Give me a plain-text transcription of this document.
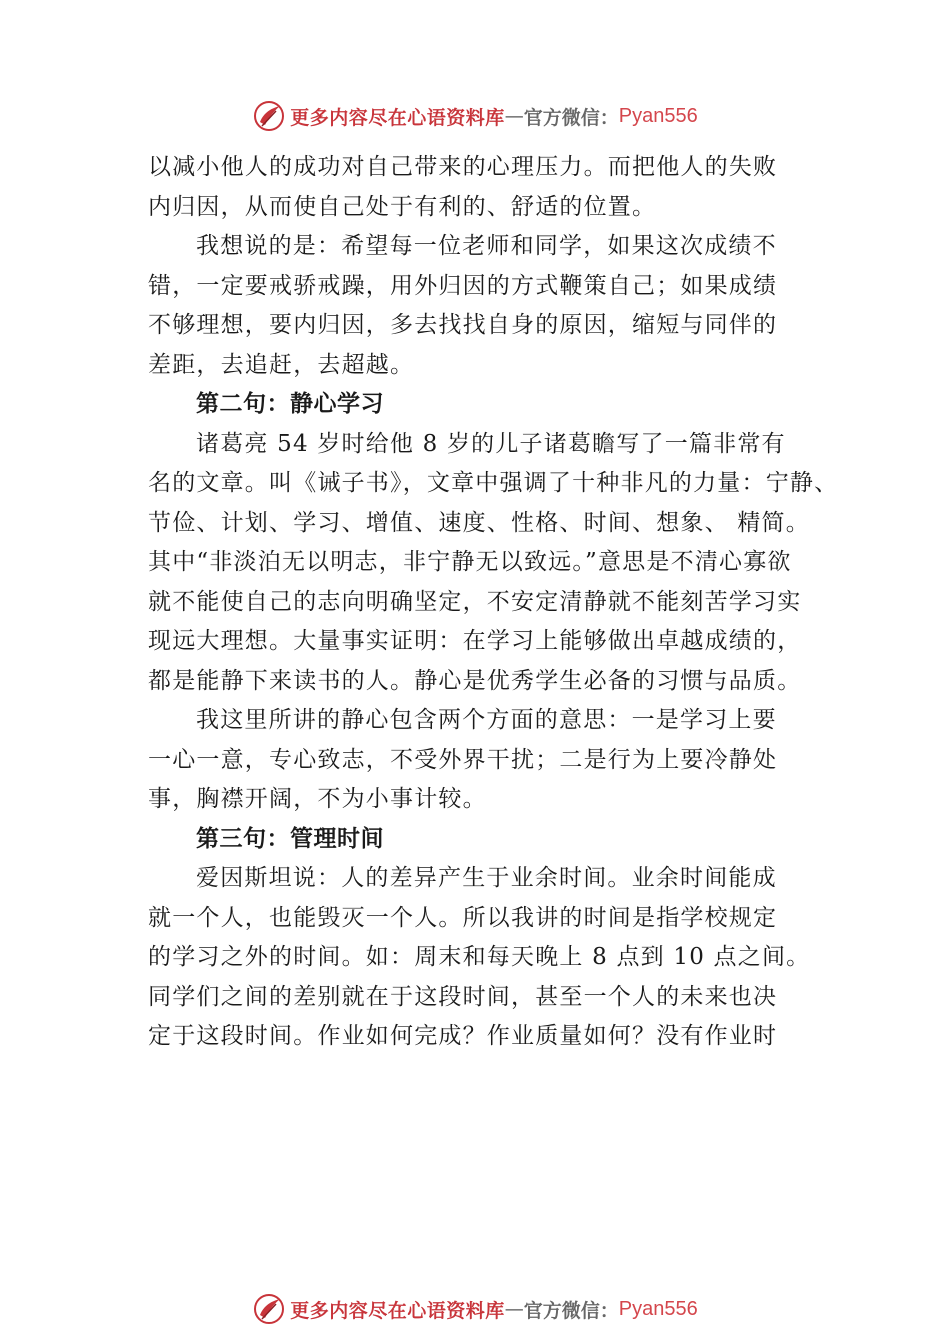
更多内容尽在心语资料库 — 官方微信： Pyan556
以减小他人的成功对自己带来的心理压力。而把他人的失败
内归因，从而使自己处于有利的、舒适的位置。
我想说的是：希望每一位老师和同学，如果这次成绩不
错，一定要戒骄戒躁，用外归因的方式鞭策自己；如果成绩
不够理想，要内归因，多去找找自身的原因，缩短与同伴的
差距，去追赶，去超越。
第二句：静心学习
诸葛亮 54 岁时给他 8 岁的儿子诸葛瞻写了一篇非常有
名的文章。叫《诫子书》，文章中强调了十种非凡的力量：宁静、
节俭、计划、学习、增值、速度、性格、时间、想象、 精简。
其中“非淡泊无以明志，非宁静无以致远。”意思是不清心寡欲
就不能使自己的志向明确坚定，不安定清静就不能刻苦学习实
现远大理想。大量事实证明：在学习上能够做出卓越成绩的，
都是能静下来读书的人。静心是优秀学生必备的习惯与品质。
我这里所讲的静心包含两个方面的意思：一是学习上要
一心一意，专心致志，不受外界干扰；二是行为上要冷静处
事，胸襟开阔，不为小事计较。
第三句：管理时间
爱因斯坦说：人的差异产生于业余时间。业余时间能成
就一个人，也能毁灭一个人。所以我讲的时间是指学校规定
的学习之外的时间。如：周末和每天晚上 8 点到 10 点之间。
同学们之间的差别就在于这段时间，甚至一个人的未来也决
定于这段时间。作业如何完成？作业质量如何？没有作业时
更多内容尽在心语资料库 — 官方微信： Pyan556
